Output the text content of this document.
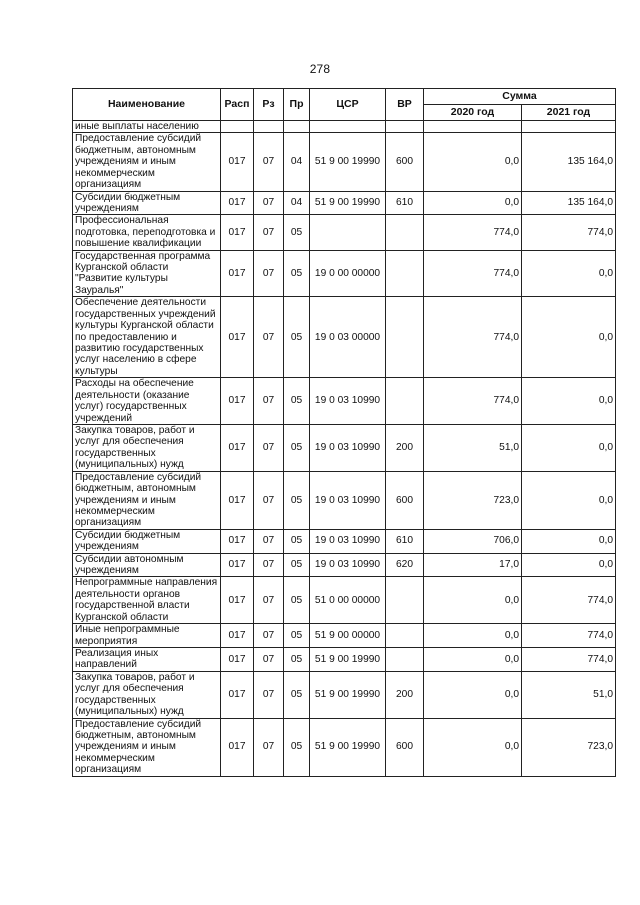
278
Наименование	Расп	Рз	Пр	ЦСР	ВР	Сумма	
						2020 год	2021 год
иные выплаты населению							
Предоставление субсидий бюджетным, автономным учреждениям и иным некоммерческим организациям	017	07	04	51 9 00 19990	600	0,0	135 164,0
Субсидии бюджетным учреждениям	017	07	04	51 9 00 19990	610	0,0	135 164,0
Профессиональная подготовка, переподготовка и повышение квалификации	017	07	05			774,0	774,0
Государственная программа Курганской области "Развитие культуры Зауралья"	017	07	05	19 0 00 00000		774,0	0,0
Обеспечение деятельности государственных учреждений культуры Курганской области по предоставлению и развитию государственных услуг населению в сфере культуры	017	07	05	19 0 03 00000		774,0	0,0
Расходы на обеспечение деятельности (оказание услуг) государственных учреждений	017	07	05	19 0 03 10990		774,0	0,0
Закупка товаров, работ и услуг для обеспечения государственных (муниципальных) нужд	017	07	05	19 0 03 10990	200	51,0	0,0
Предоставление субсидий бюджетным, автономным учреждениям и иным некоммерческим организациям	017	07	05	19 0 03 10990	600	723,0	0,0
Субсидии бюджетным учреждениям	017	07	05	19 0 03 10990	610	706,0	0,0
Субсидии автономным учреждениям	017	07	05	19 0 03 10990	620	17,0	0,0
Непрограммные направления деятельности органов государственной власти Курганской области	017	07	05	51 0 00 00000		0,0	774,0
Иные непрограммные мероприятия	017	07	05	51 9 00 00000		0,0	774,0
Реализация иных направлений	017	07	05	51 9 00 19990		0,0	774,0
Закупка товаров, работ и услуг для обеспечения государственных (муниципальных) нужд	017	07	05	51 9 00 19990	200	0,0	51,0
Предоставление субсидий бюджетным, автономным учреждениям и иным некоммерческим организациям	017	07	05	51 9 00 19990	600	0,0	723,0
